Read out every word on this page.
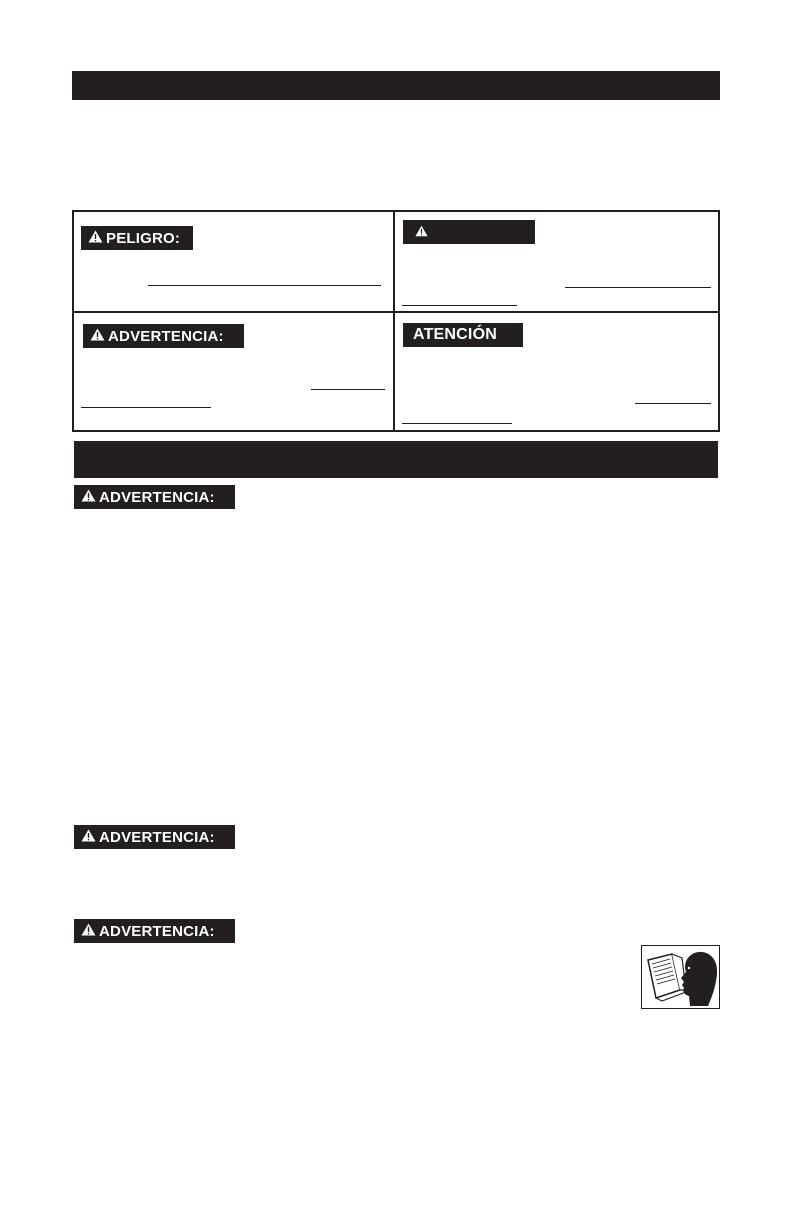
PELIGRO:
ADVERTENCIA:	ATENCIÓN
ADVERTENCIA:
ADVERTENCIA:
ADVERTENCIA:
